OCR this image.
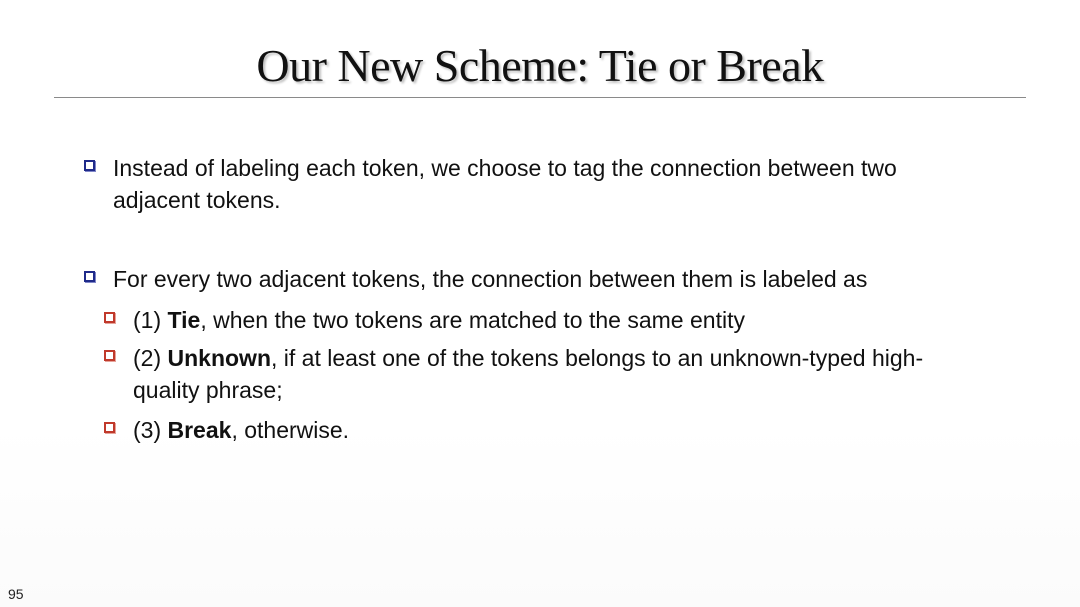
Our New Scheme: Tie or Break
Instead of labeling each token, we choose to tag the connection between two adjacent tokens.
For every two adjacent tokens, the connection between them is labeled as
(1) Tie, when the two tokens are matched to the same entity
(2) Unknown, if at least one of the tokens belongs to an unknown-typed high-quality phrase;
(3) Break, otherwise.
95
